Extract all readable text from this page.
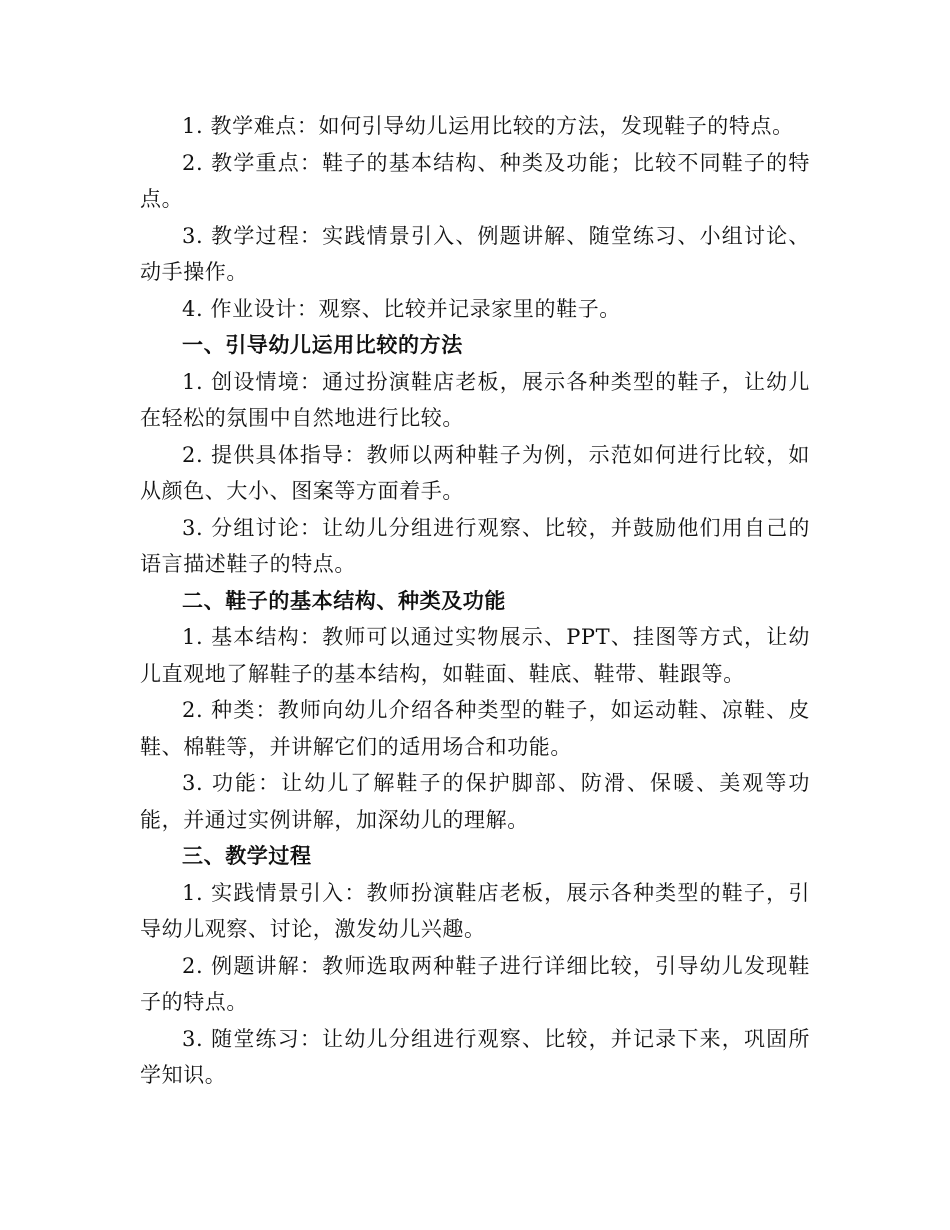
1. 教学难点：如何引导幼儿运用比较的方法，发现鞋子的特点。

2. 教学重点：鞋子的基本结构、种类及功能；比较不同鞋子的特点。

3. 教学过程：实践情景引入、例题讲解、随堂练习、小组讨论、动手操作。

4. 作业设计：观察、比较并记录家里的鞋子。

一、引导幼儿运用比较的方法

1. 创设情境：通过扮演鞋店老板，展示各种类型的鞋子，让幼儿在轻松的氛围中自然地进行比较。

2. 提供具体指导：教师以两种鞋子为例，示范如何进行比较，如从颜色、大小、图案等方面着手。

3. 分组讨论：让幼儿分组进行观察、比较，并鼓励他们用自己的语言描述鞋子的特点。

二、鞋子的基本结构、种类及功能

1. 基本结构：教师可以通过实物展示、PPT、挂图等方式，让幼儿直观地了解鞋子的基本结构，如鞋面、鞋底、鞋带、鞋跟等。

2. 种类：教师向幼儿介绍各种类型的鞋子，如运动鞋、凉鞋、皮鞋、棉鞋等，并讲解它们的适用场合和功能。

3. 功能：让幼儿了解鞋子的保护脚部、防滑、保暖、美观等功能，并通过实例讲解，加深幼儿的理解。

三、教学过程

1. 实践情景引入：教师扮演鞋店老板，展示各种类型的鞋子，引导幼儿观察、讨论，激发幼儿兴趣。

2. 例题讲解：教师选取两种鞋子进行详细比较，引导幼儿发现鞋子的特点。

3. 随堂练习：让幼儿分组进行观察、比较，并记录下来，巩固所学知识。
